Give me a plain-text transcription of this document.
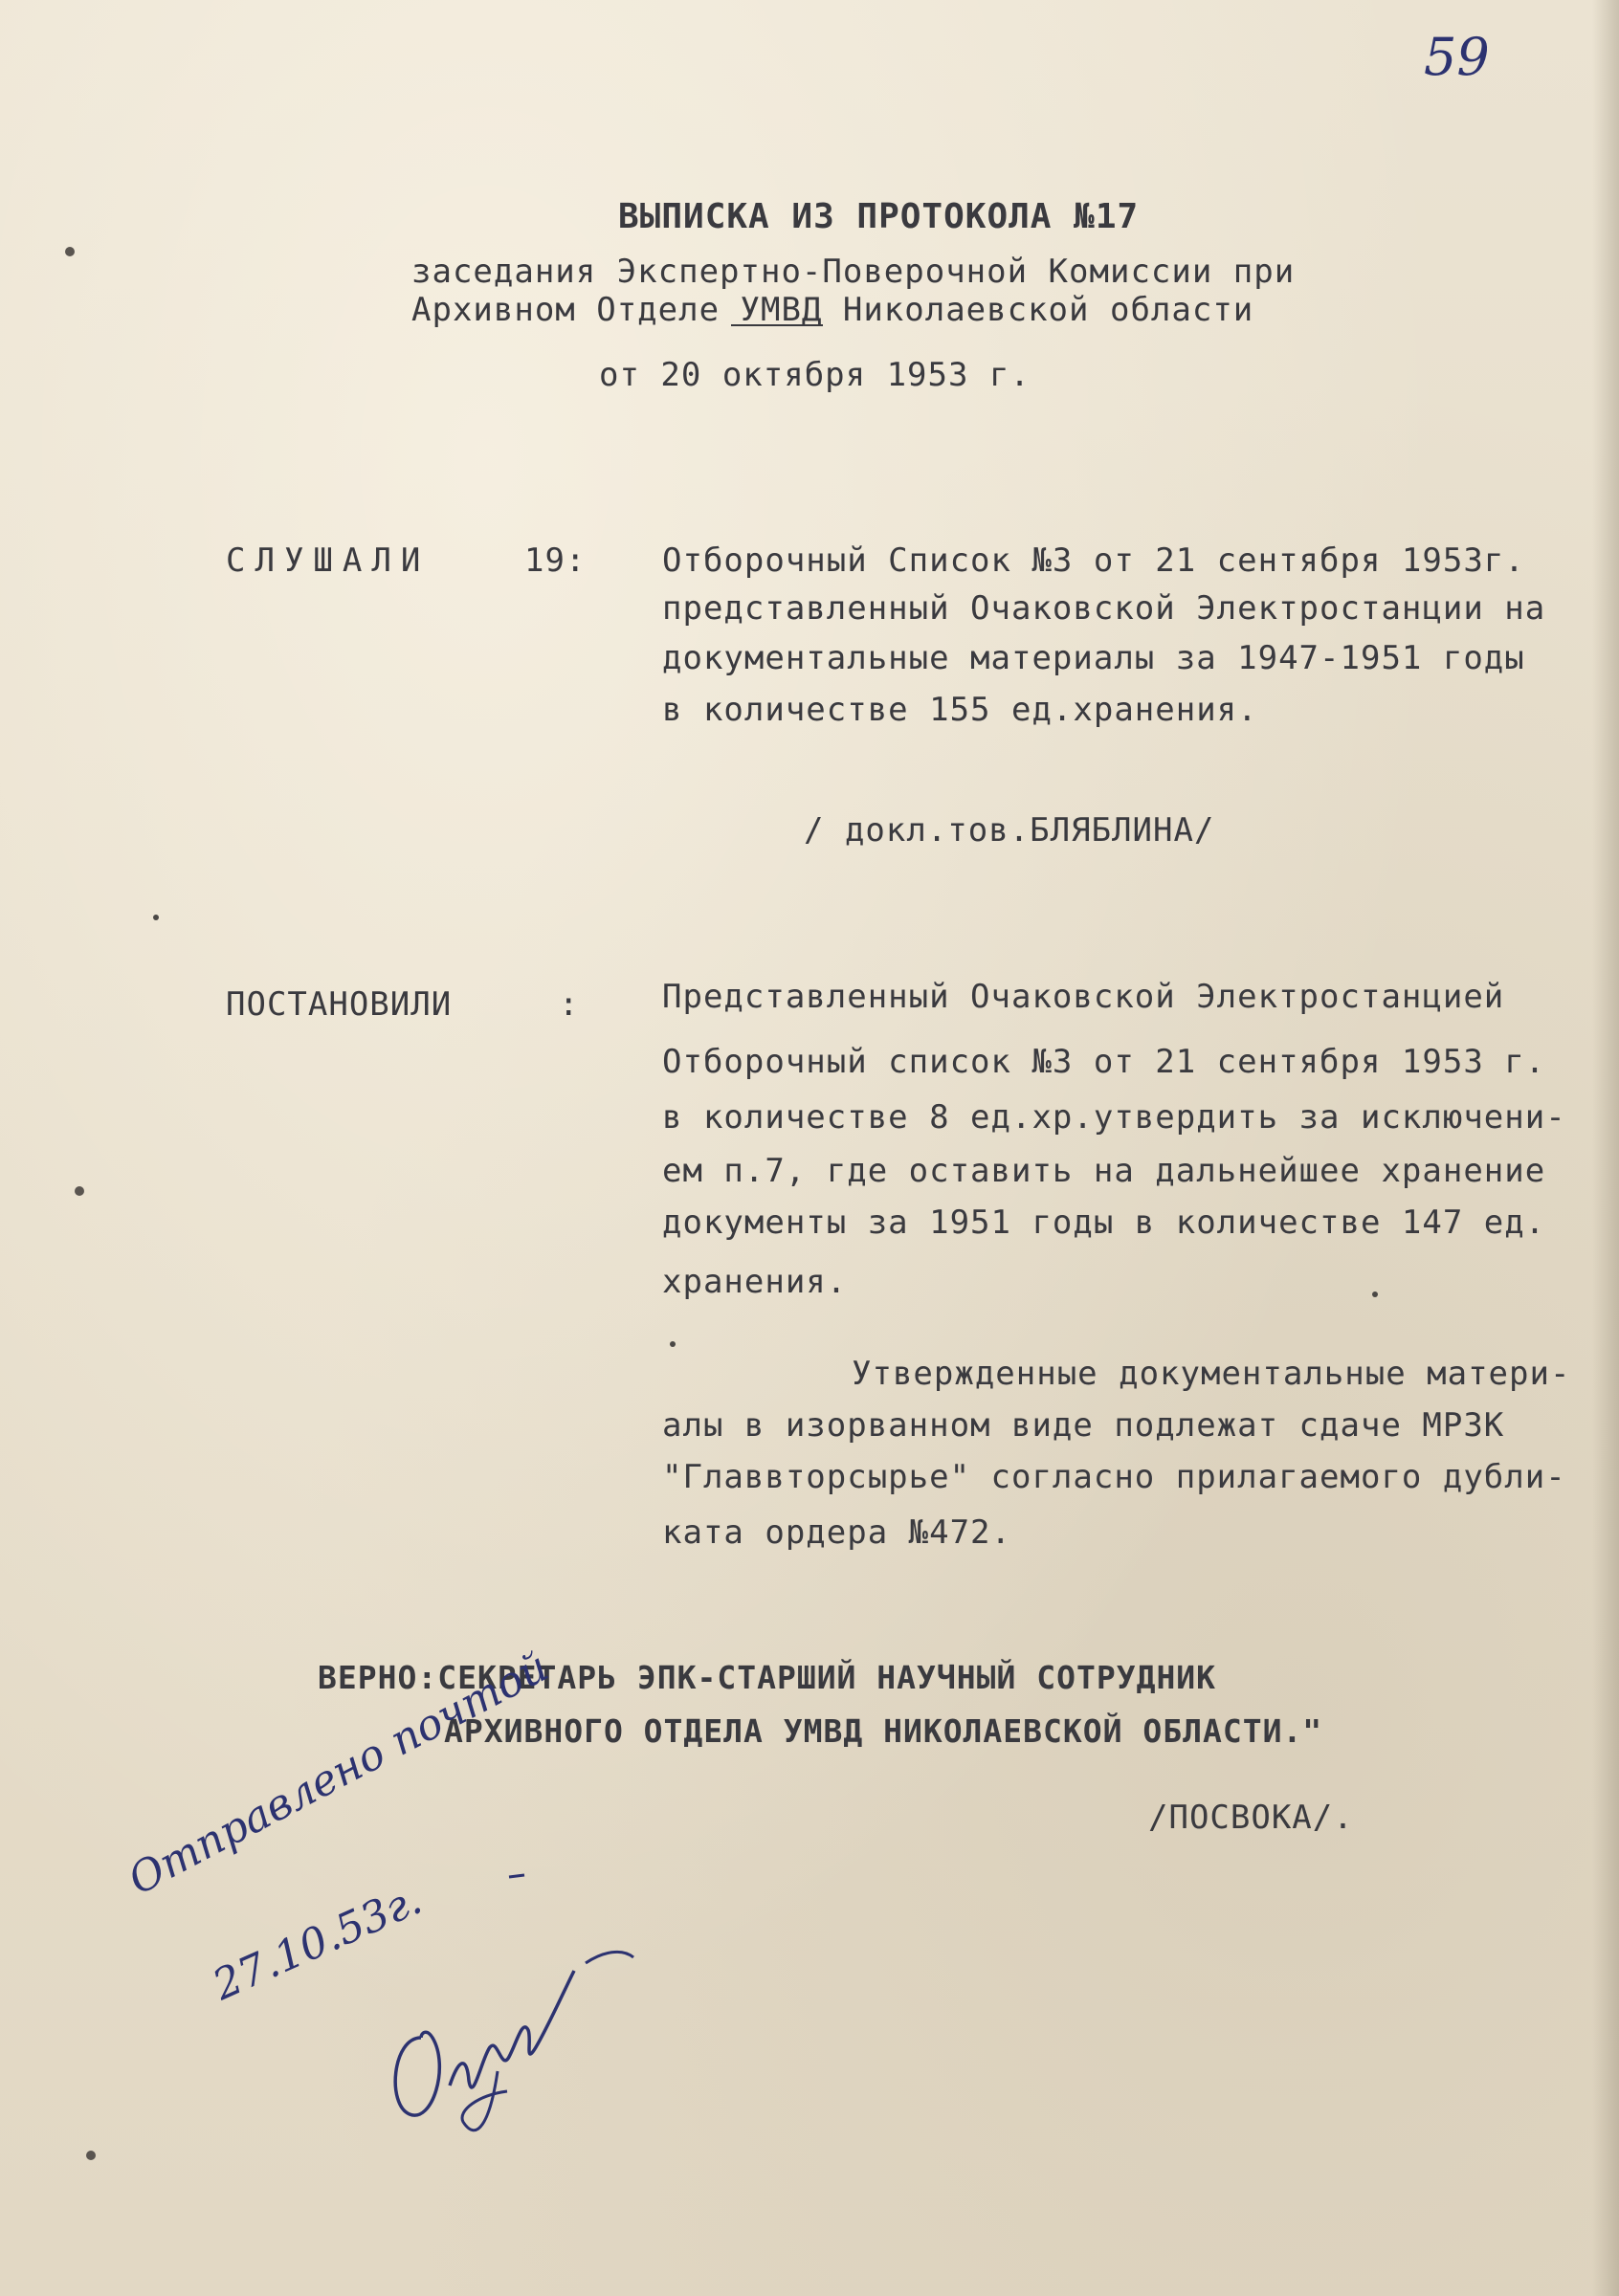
59
ВЫПИСКА ИЗ ПРОТОКОЛА №17
заседания Экспертно-Поверочной Комиссии при
Архивном Отделе УМВД Николаевской области
от 20 октября 1953 г.
СЛУШАЛИ	19: Отборочный Список №3 от 21 сентября 1953г.
представленный Очаковской Электростанции на
документальные материалы за 1947-1951 годы
в количестве 155 ед.хранения.
/ докл.тов.БЛЯБЛИНА/
ПОСТАНОВИЛИ	:	Представленный Очаковской Электростанцией
Отборочный список №3 от 21 сентября 1953 г.
в количестве 8 ед.хр.утвердить за исключени-
ем п.7, где оставить на дальнейшее хранение
документы за 1951 годы в количестве 147 ед.
хранения.
Утвержденные документальные матери-
алы в изорванном виде подлежат сдаче МРЗК
"Главвторсырье" согласно прилагаемого дубли-
ката ордера №472.
ВЕРНО:СЕКРЕТАРЬ ЭПК-СТАРШИЙ НАУЧНЫЙ СОТРУДНИК
АРХИВНОГО ОТДЕЛА УМВД НИКОЛАЕВСКОЙ ОБЛАСТИ."
/ПОСВОКА/.
Отправлено почтой
27.10.53г.
